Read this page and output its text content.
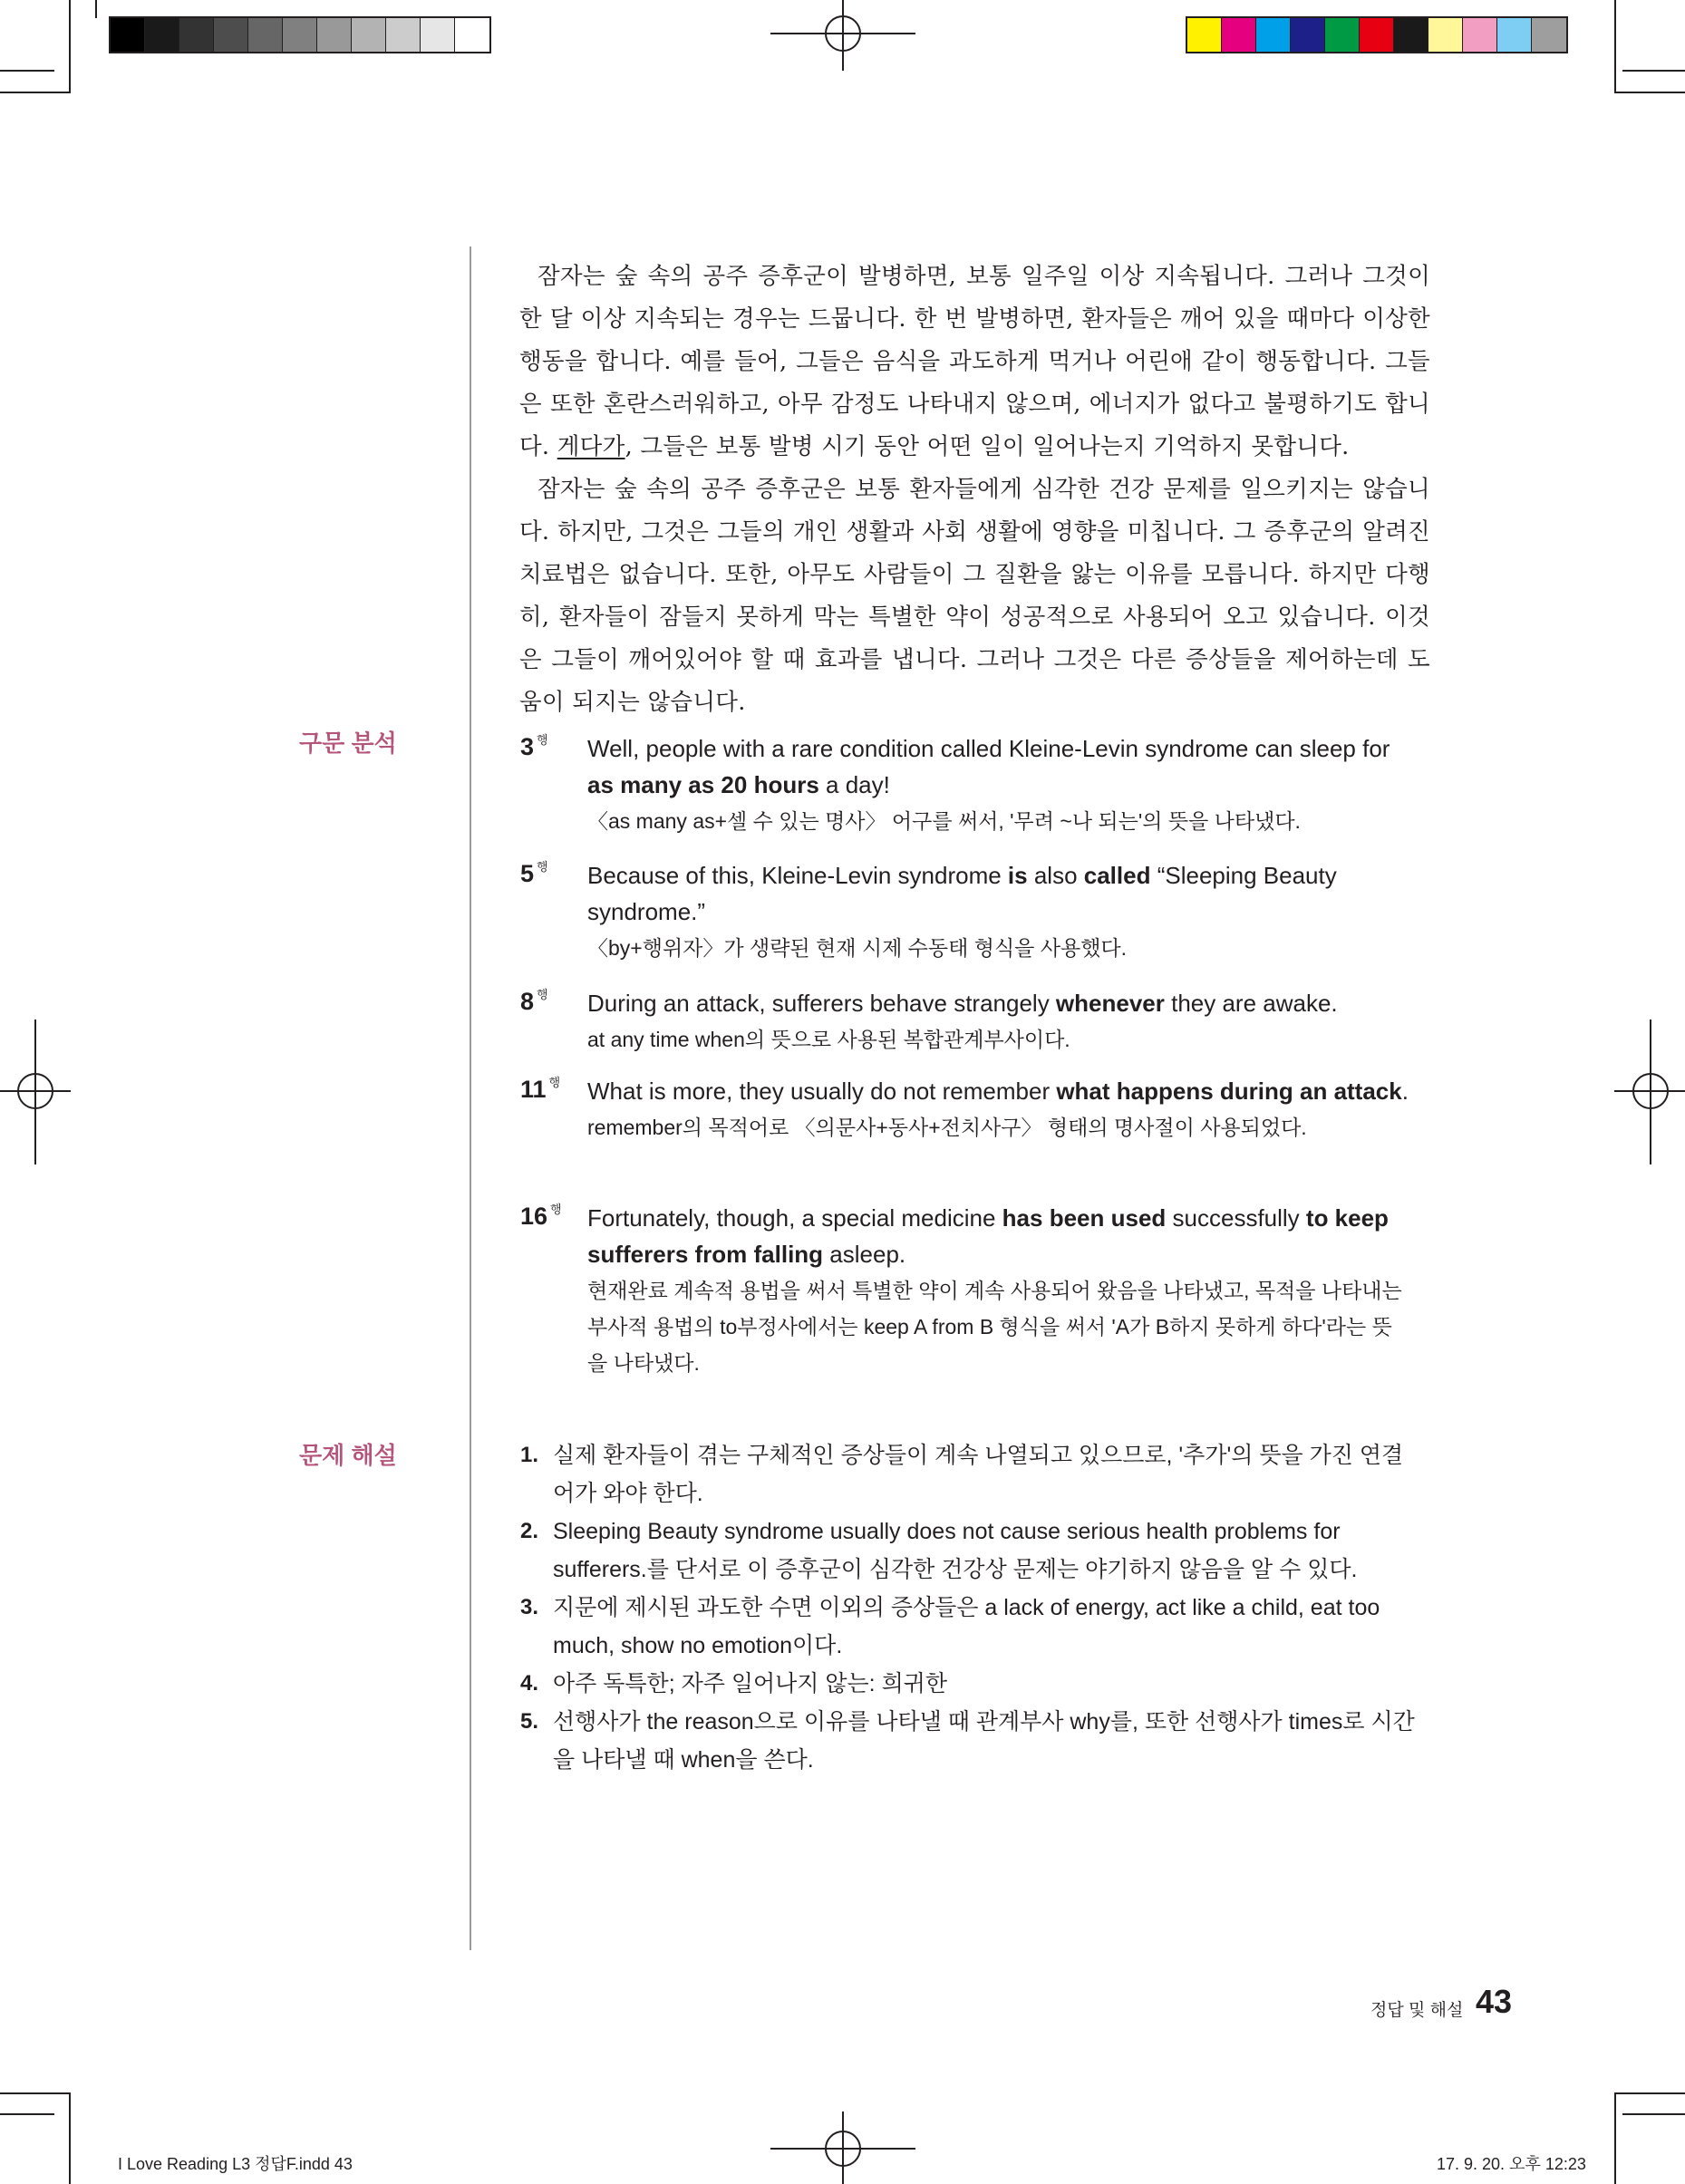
잠자는 숲 속의 공주 증후군이 발병하면, 보통 일주일 이상 지속됩니다. 그러나 그것이 한 달 이상 지속되는 경우는 드뭅니다. 한 번 발병하면, 환자들은 깨어 있을 때마다 이상한 행동을 합니다. 예를 들어, 그들은 음식을 과도하게 먹거나 어린애 같이 행동합니다. 그들은 또한 혼란스러워하고, 아무 감정도 나타내지 않으며, 에너지가 없다고 불평하기도 합니다. 게다가, 그들은 보통 발병 시기 동안 어떤 일이 일어나는지 기억하지 못합니다.

잠자는 숲 속의 공주 증후군은 보통 환자들에게 심각한 건강 문제를 일으키지는 않습니다. 하지만, 그것은 그들의 개인 생활과 사회 생활에 영향을 미칩니다. 그 증후군의 알려진 치료법은 없습니다. 또한, 아무도 사람들이 그 질환을 앓는 이유를 모릅니다. 하지만 다행히, 환자들이 잠들지 못하게 막는 특별한 약이 성공적으로 사용되어 오고 있습니다. 이것은 그들이 깨어있어야 할 때 효과를 냅니다. 그러나 그것은 다른 증상들을 제어하는데 도움이 되지는 않습니다.

구문 분석	3 $^행$ Well, people with a rare condition called Kleine-Levin syndrome can sleep for as many as 20 hours a day!
〈as many as+셀 수 있는 명사〉 어구를 써서, '무려 ~나 되는'의 뜻을 나타냈다.
5 $^행$ Because of this, Kleine-Levin syndrome is also called “Sleeping Beauty syndrome.”
〈by+행위자〉가 생략된 현재 시제 수동태 형식을 사용했다.
8 $^행$ During an attack, sufferers behave strangely whenever they are awake.
at any time when의 뜻으로 사용된 복합관계부사이다.
11 $^행$ What is more, they usually do not remember what happens during an attack.
remember의 목적어로 〈의문사+동사+전치사구〉 형태의 명사절이 사용되었다.
16 $^행$ Fortunately, though, a special medicine has been used successfully to keep sufferers from falling asleep.
현재완료 계속적 용법을 써서 특별한 약이 계속 사용되어 왔음을 나타냈고, 목적을 나타내는 부사적 용법의 to부정사에서는 keep A from B 형식을 써서 'A가 B하지 못하게 하다'라는 뜻을 나타냈다.
문제 해설	1. 실제 환자들이 겪는 구체적인 증상들이 계속 나열되고 있으므로, '추가'의 뜻을 가진 연결어가 와야 한다.
2. Sleeping Beauty syndrome usually does not cause serious health problems for sufferers.를 단서로 이 증후군이 심각한 건강상 문제는 야기하지 않음을 알 수 있다.
3. 지문에 제시된 과도한 수면 이외의 증상들은 a lack of energy, act like a child, eat too much, show no emotion이다.
4. 아주 독특한; 자주 일어나지 않는: 희귀한
5. 선행사가 the reason으로 이유를 나타낼 때 관계부사 why를, 또한 선행사가 times로 시간을 나타낼 때 when을 쓴다.
정답 및 해설 43
I Love Reading L3 정답F.indd 43	17. 9. 20. 오후 12:23
